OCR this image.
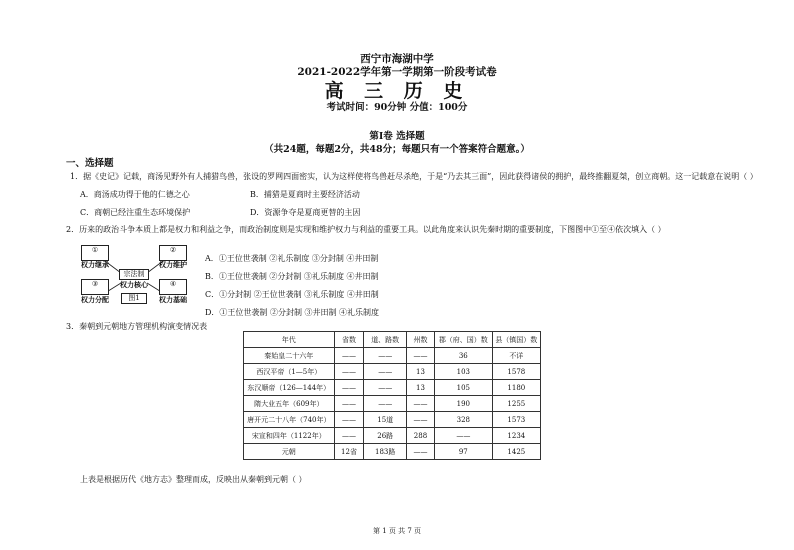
西宁市海湖中学
2021-2022学年第一学期第一阶段考试卷
高 三 历 史
考试时间：90分钟 分值：100分
第Ⅰ卷 选择题
（共24题，每题2分，共48分；每题只有一个答案符合题意。）
一、选择题
1．据《史记》记载，商汤见野外有人捕猎鸟兽，张设的罗网四面密实，认为这样使将鸟兽赶尽杀绝，于是“乃去其三面”，因此获得诸侯的拥护，最终推翻夏桀，创立商朝。这一记载意在说明（ ）
A．商汤成功得于他的仁德之心	B．捕猎是夏商时主要经济活动
C．商朝已经注重生态环境保护	D．资源争夺是夏商更替的主因
2．历来的政治斗争本质上都是权力和利益之争，而政治制度则是实现和维护权力与利益的重要工具。以此角度来认识先秦时期的重要制度，下图图中①至④依次填入（ ）
①
权力继承
②
权力维护
宗法制
权力核心
③
权力分配
④
权力基础
图1
A．①王位世袭制 ②礼乐制度 ③分封制 ④井田制
B．①王位世袭制 ②分封制 ③礼乐制度 ④井田制
C．①分封制 ②王位世袭制 ③礼乐制度 ④井田制
D．①王位世袭制 ②分封制 ③井田制 ④礼乐制度
3．秦朝到元朝地方管理机构演变情况表
年代	省数	道、路数	州数	郡（府、国）数	县（镇国）数
秦始皇二十六年	——	——	——	36	不详
西汉平帝（1—5年）	——	——	13	103	1578
东汉顺帝（126—144年）	——	——	13	105	1180
隋大业五年（609年）	——	——	——	190	1255
唐开元二十八年（740年）	——	15道	——	328	1573
宋宣和四年（1122年）	——	26路	288	——	1234
元朝	12省	183路	——	97	1425
上表是根据历代《地方志》整理而成，反映出从秦朝到元朝（ ）
第 1 页 共 7 页
